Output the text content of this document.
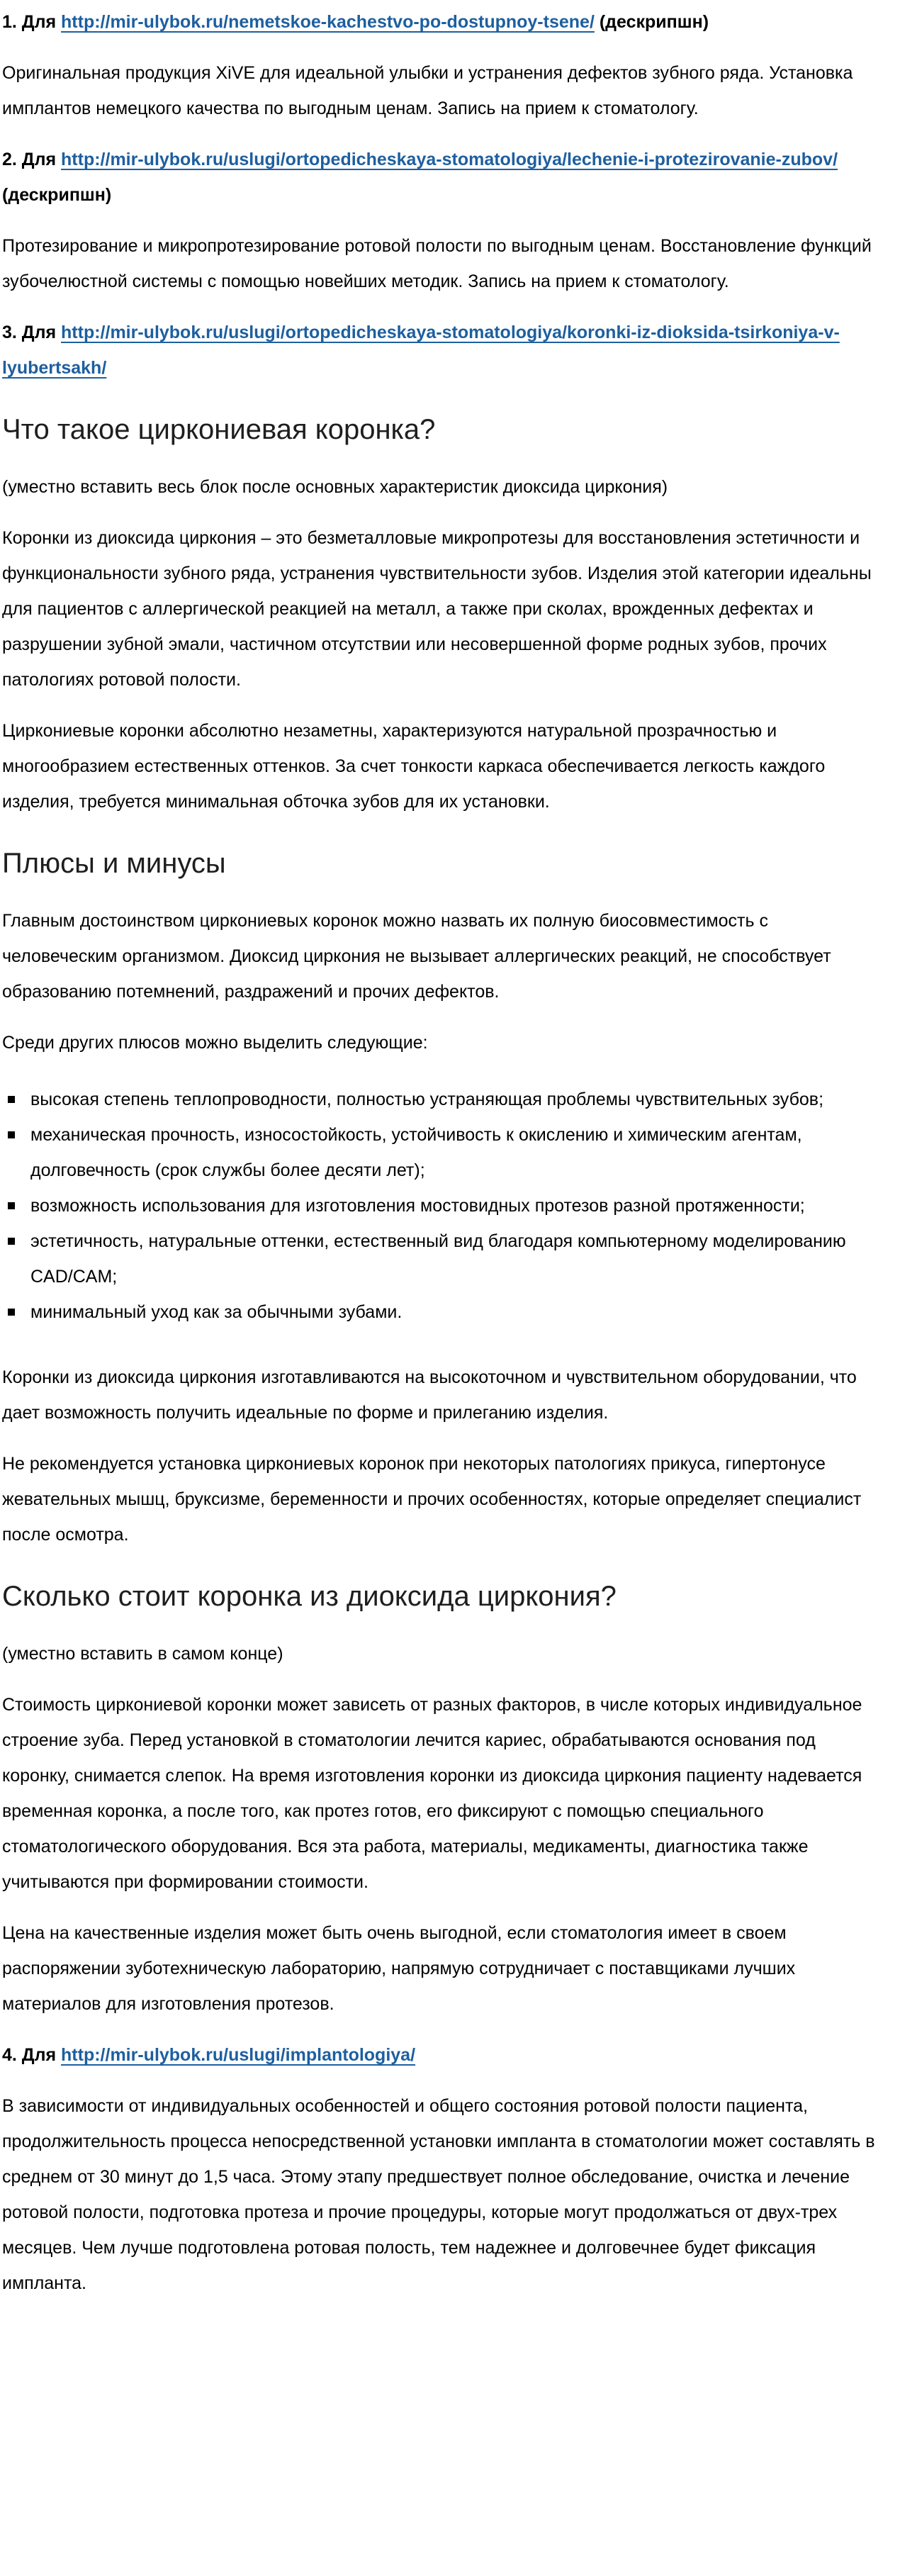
1. Для http://mir-ulybok.ru/nemetskoe-kachestvo-po-dostupnoy-tsene/ (дескрипшн)

Оригинальная продукция XiVE для идеальной улыбки и устранения дефектов зубного ряда. Установка имплантов немецкого качества по выгодным ценам. Запись на прием к стоматологу.

2. Для http://mir-ulybok.ru/uslugi/ortopedicheskaya-stomatologiya/lechenie-i-protezirovanie-zubov/ (дескрипшн)

Протезирование и микропротезирование ротовой полости по выгодным ценам. Восстановление функций зубочелюстной системы с помощью новейших методик. Запись на прием к стоматологу.

3. Для http://mir-ulybok.ru/uslugi/ortopedicheskaya-stomatologiya/koronki-iz-dioksida-tsirkoniya-v-lyubertsakh/

Что такое циркониевая коронка?

(уместно вставить весь блок после основных характеристик диоксида циркония)

Коронки из диоксида циркония – это безметалловые микропротезы для восстановления эстетичности и функциональности зубного ряда, устранения чувствительности зубов. Изделия этой категории идеальны для пациентов с аллергической реакцией на металл, а также при сколах, врожденных дефектах и разрушении зубной эмали, частичном отсутствии или несовершенной форме родных зубов, прочих патологиях ротовой полости.

Циркониевые коронки абсолютно незаметны, характеризуются натуральной прозрачностью и многообразием естественных оттенков. За счет тонкости каркаса обеспечивается легкость каждого изделия, требуется минимальная обточка зубов для их установки.

Плюсы и минусы

Главным достоинством циркониевых коронок можно назвать их полную биосовместимость с человеческим организмом. Диоксид циркония не вызывает аллергических реакций, не способствует образованию потемнений, раздражений и прочих дефектов.

Среди других плюсов можно выделить следующие:

высокая степень теплопроводности, полностью устраняющая проблемы чувствительных зубов;
механическая прочность, износостойкость, устойчивость к окислению и химическим агентам, долговечность (срок службы более десяти лет);
возможность использования для изготовления мостовидных протезов разной протяженности;
эстетичность, натуральные оттенки, естественный вид благодаря компьютерному моделированию CAD/CAM;
минимальный уход как за обычными зубами.

Коронки из диоксида циркония изготавливаются на высокоточном и чувствительном оборудовании, что дает возможность получить идеальные по форме и прилеганию изделия.

Не рекомендуется установка циркониевых коронок при некоторых патологиях прикуса, гипертонусе жевательных мышц, бруксизме, беременности и прочих особенностях, которые определяет специалист после осмотра.

Сколько стоит коронка из диоксида циркония?

(уместно вставить в самом конце)

Стоимость циркониевой коронки может зависеть от разных факторов, в числе которых индивидуальное строение зуба. Перед установкой в стоматологии лечится кариес, обрабатываются основания под коронку, снимается слепок. На время изготовления коронки из диоксида циркония пациенту надевается временная коронка, а после того, как протез готов, его фиксируют с помощью специального стоматологического оборудования. Вся эта работа, материалы, медикаменты, диагностика также учитываются при формировании стоимости.

Цена на качественные изделия может быть очень выгодной, если стоматология имеет в своем распоряжении зуботехническую лабораторию, напрямую сотрудничает с поставщиками лучших материалов для изготовления протезов.

4. Для http://mir-ulybok.ru/uslugi/implantologiya/

В зависимости от индивидуальных особенностей и общего состояния ротовой полости пациента, продолжительность процесса непосредственной установки импланта в стоматологии может составлять в среднем от 30 минут до 1,5 часа. Этому этапу предшествует полное обследование, очистка и лечение ротовой полости, подготовка протеза и прочие процедуры, которые могут продолжаться от двух-трех месяцев. Чем лучше подготовлена ротовая полость, тем надежнее и долговечнее будет фиксация импланта.
